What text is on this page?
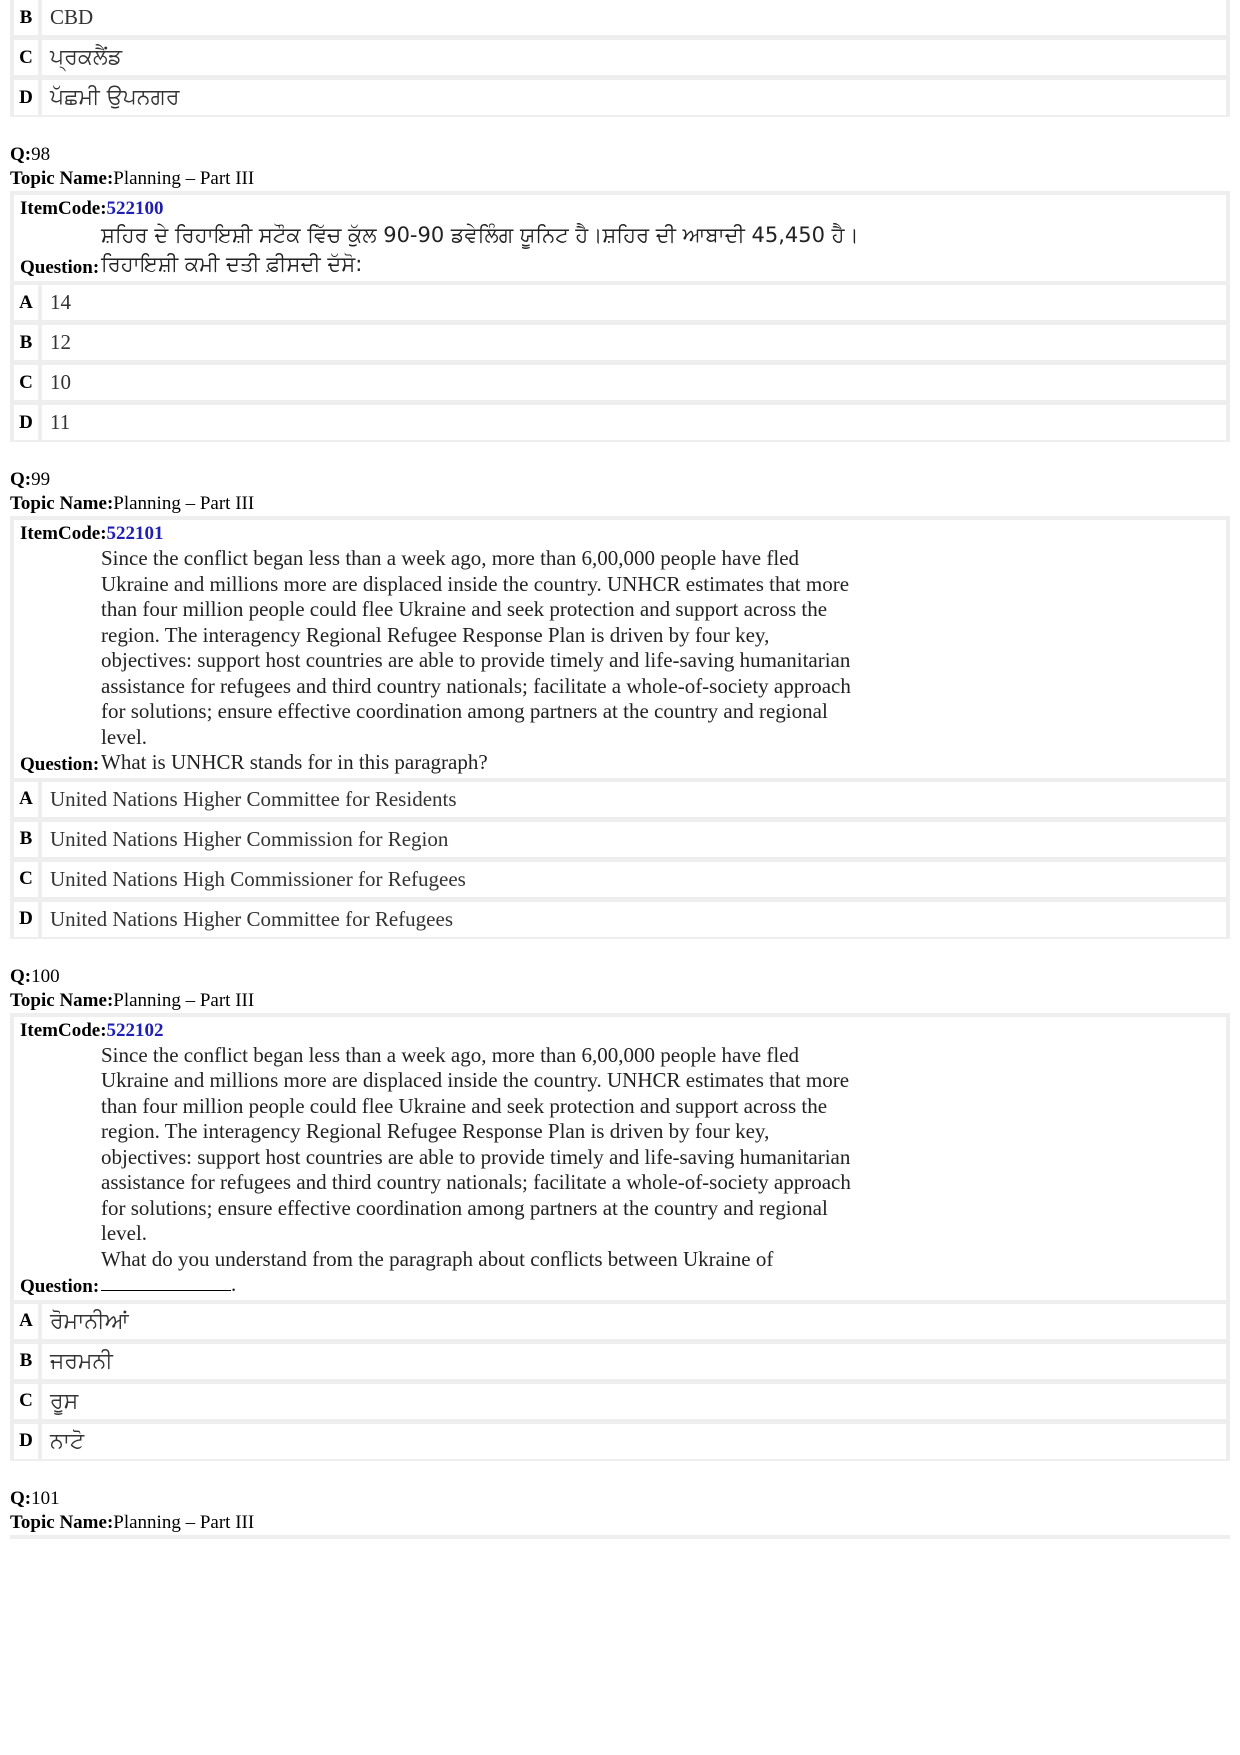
B CBD
C ਪ੍ਰਕਲੈਂਡ
D ਪੱਛਮੀ ਉਪਨਗਰ
Q:98
Topic Name:Planning – Part III
ItemCode:522100
ਸ਼ਹਿਰ ਦੇ ਰਿਹਾਇਸ਼ੀ ਸਟੌਕ ਵਿੱਚ ਕੁੱਲ 90-90 ਡਵੇਲਿੰਗ ਯੂਨਿਟ ਹੈ।ਸ਼ਹਿਰ ਦੀ ਆਬਾਦੀ 45,450 ਹੈ।
Question: ਰਿਹਾਇਸ਼ੀ ਕਮੀ ਦਤੀ ਫ਼ੀਸਦੀ ਦੱਸੋ:
A 14
B 12
C 10
D 11
Q:99
Topic Name:Planning – Part III
ItemCode:522101
Since the conflict began less than a week ago, more than 6,00,000 people have fled Ukraine and millions more are displaced inside the country. UNHCR estimates that more than four million people could flee Ukraine and seek protection and support across the region. The interagency Regional Refugee Response Plan is driven by four key, objectives: support host countries are able to provide timely and life-saving humanitarian assistance for refugees and third country nationals; facilitate a whole-of-society approach for solutions; ensure effective coordination among partners at the country and regional level.
Question: What is UNHCR stands for in this paragraph?
A United Nations Higher Committee for Residents
B United Nations Higher Commission for Region
C United Nations High Commissioner for Refugees
D United Nations Higher Committee for Refugees
Q:100
Topic Name:Planning – Part III
ItemCode:522102
Since the conflict began less than a week ago, more than 6,00,000 people have fled Ukraine and millions more are displaced inside the country. UNHCR estimates that more than four million people could flee Ukraine and seek protection and support across the region. The interagency Regional Refugee Response Plan is driven by four key, objectives: support host countries are able to provide timely and life-saving humanitarian assistance for refugees and third country nationals; facilitate a whole-of-society approach for solutions; ensure effective coordination among partners at the country and regional level.
What do you understand from the paragraph about conflicts between Ukraine of
Question:	.
A ਰੋਮਾਨੀਆਂ
B ਜਰਮਨੀ
C ਰੂਸ
D ਨਾਟੋ
Q:101
Topic Name:Planning – Part III
